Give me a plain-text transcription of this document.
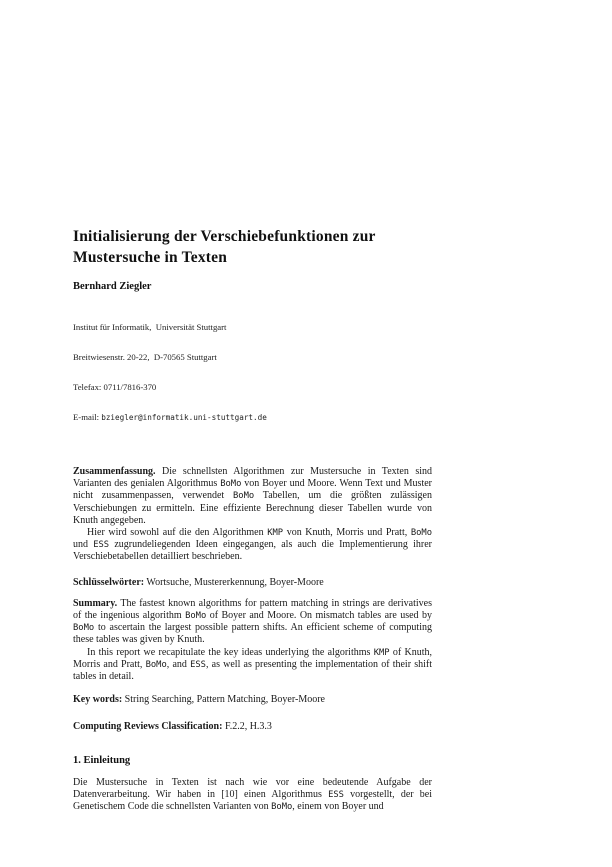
Initialisierung der Verschiebefunktionen zur
Mustersuche in Texten
Bernhard Ziegler

Institut für Informatik,  Universität Stuttgart

Breitwiesenstr. 20-22,  D-70565 Stuttgart

Telefax: 0711/7816-370

E-mail: bziegler@informatik.uni-stuttgart.de

Zusammenfassung. Die schnellsten Algorithmen zur Mustersuche in Texten sind Varianten des genialen Algorithmus BoMo von Boyer und Moore. Wenn Text und Muster nicht zusammenpassen, verwendet BoMo Tabellen, um die größten zulässigen Verschiebungen zu ermitteln. Eine effiziente Berechnung dieser Tabellen wurde von Knuth angegeben.

Hier wird sowohl auf die den Algorithmen KMP von Knuth, Morris und Pratt, BoMo und ESS zugrundeliegenden Ideen eingegangen, als auch die Implementierung ihrer Verschiebetabellen detailliert beschrieben.

Schlüsselwörter: Wortsuche, Mustererkennung, Boyer-Moore

Summary. The fastest known algorithms for pattern matching in strings are derivatives of the ingenious algorithm BoMo of Boyer and Moore. On mismatch tables are used by BoMo to ascertain the largest possible pattern shifts. An efficient scheme of computing these tables was given by Knuth.

In this report we recapitulate the key ideas underlying the algorithms KMP of Knuth, Morris and Pratt, BoMo, and ESS, as well as presenting the implementation of their shift tables in detail.

Key words: String Searching, Pattern Matching, Boyer-Moore
Computing Reviews Classification: F.2.2, H.3.3
1. Einleitung

Die Mustersuche in Texten ist nach wie vor eine bedeutende Aufgabe der Datenverarbeitung. Wir haben in [10] einen Algorithmus ESS vorgestellt, der bei Genetischem Code die schnellsten Varianten von BoMo, einem von Boyer und
